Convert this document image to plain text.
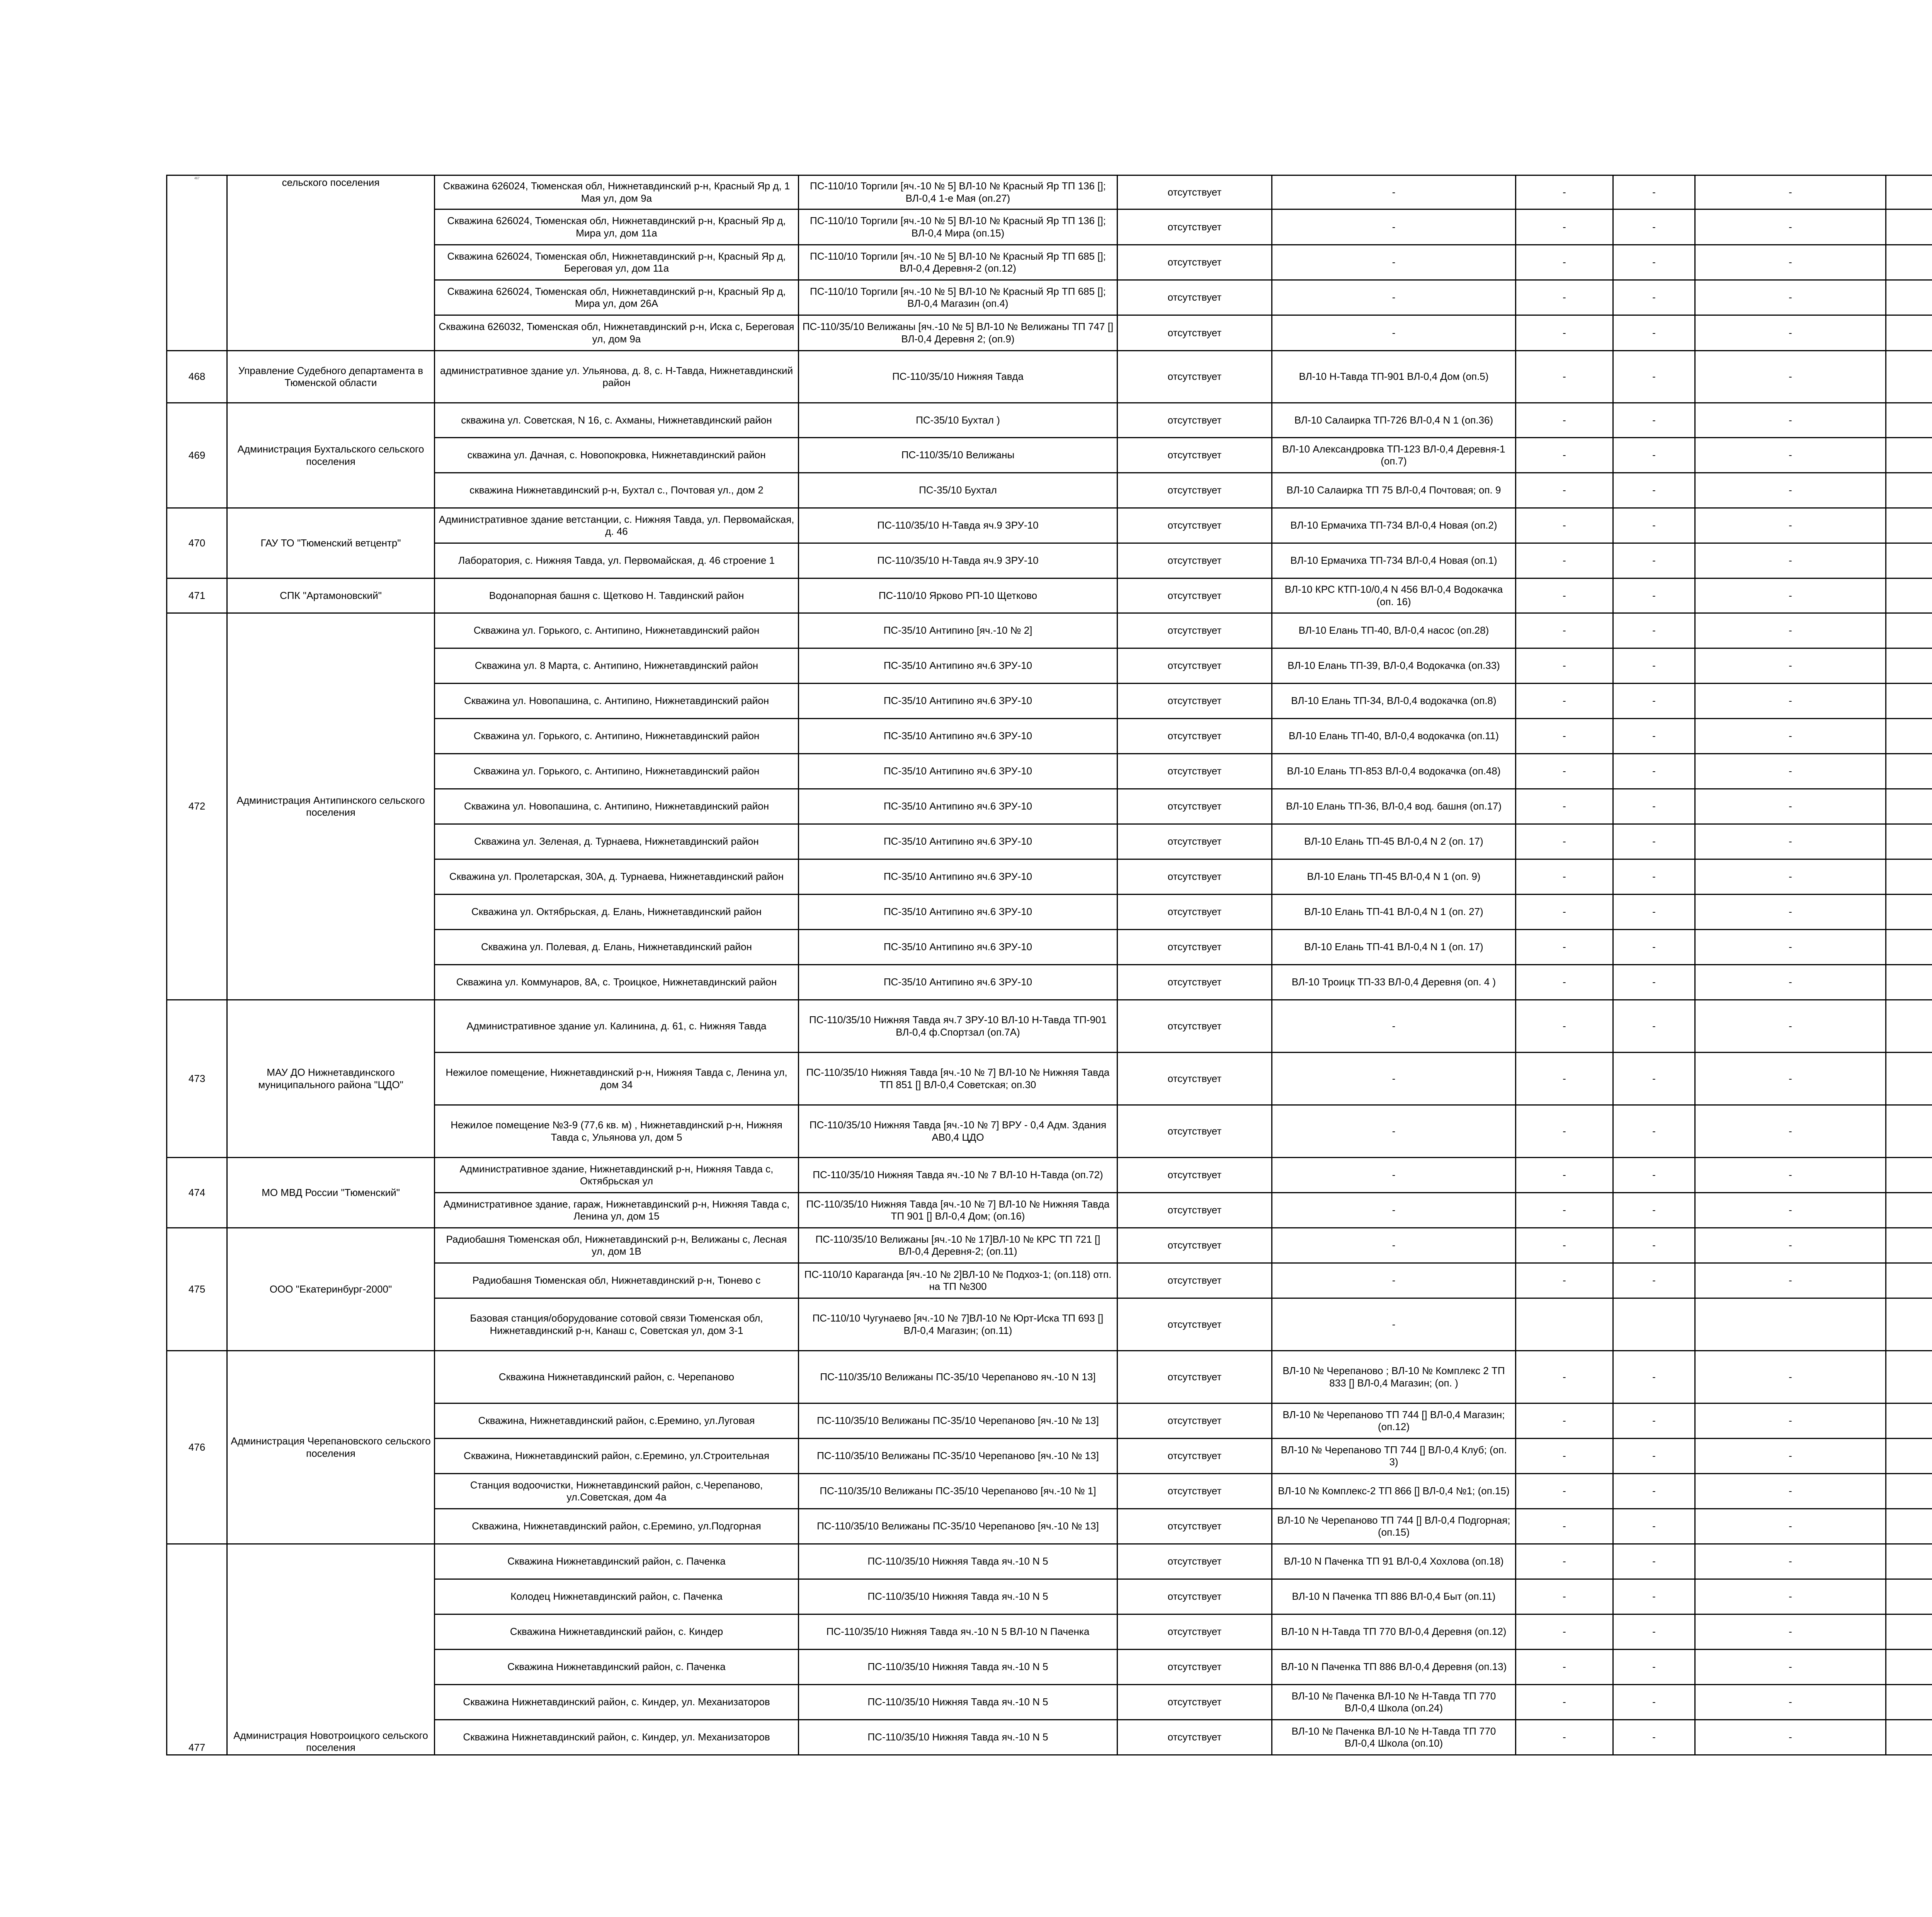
467	сельского поселения	Скважина 626024, Тюменская обл, Нижнетавдинский р-н, Красный Яр д, 1 Мая ул, дом 9а	ПС-110/10 Торгили [яч.-10 № 5] ВЛ-10 № Красный Яр ТП 136 []; ВЛ-0,4 1-е Мая (оп.27)	отсутствует	-	-	-	-		
		Скважина 626024, Тюменская обл, Нижнетавдинский р-н, Красный Яр д, Мира ул, дом 11а	ПС-110/10 Торгили [яч.-10 № 5] ВЛ-10 № Красный Яр ТП 136 []; ВЛ-0,4 Мира (оп.15)	отсутствует	-	-	-	-		
		Скважина 626024, Тюменская обл, Нижнетавдинский р-н, Красный Яр д, Береговая ул, дом 11а	ПС-110/10 Торгили [яч.-10 № 5] ВЛ-10 № Красный Яр ТП 685 []; ВЛ-0,4 Деревня-2 (оп.12)	отсутствует	-	-	-	-		
		Скважина 626024, Тюменская обл, Нижнетавдинский р-н, Красный Яр д, Мира ул, дом 26А	ПС-110/10 Торгили [яч.-10 № 5] ВЛ-10 № Красный Яр ТП 685 []; ВЛ-0,4 Магазин (оп.4)	отсутствует	-	-	-	-		
		Скважина 626032, Тюменская обл, Нижнетавдинский р-н, Иска с, Береговая ул, дом 9а	ПС-110/35/10 Велижаны [яч.-10 № 5] ВЛ-10 № Велижаны ТП 747 [] ВЛ-0,4 Деревня 2; (оп.9)	отсутствует	-	-	-	-		
468	Управление Судебного департамента в Тюменской области	административное здание ул. Ульянова, д. 8, с. Н-Тавда, Нижнетавдинский район	ПС-110/35/10 Нижняя Тавда	отсутствует	ВЛ-10 Н-Тавда ТП-901 ВЛ-0,4 Дом (оп.5)	-	-	-		
469	Администрация Бухтальского сельского поселения	скважина ул. Советская, N 16, с. Ахманы, Нижнетавдинский район	ПС-35/10 Бухтал )	отсутствует	ВЛ-10 Салаирка ТП-726 ВЛ-0,4 N 1 (оп.36)	-	-	-		
		скважина ул. Дачная, с. Новопокровка, Нижнетавдинский район	ПС-110/35/10 Велижаны	отсутствует	ВЛ-10 Александровка ТП-123 ВЛ-0,4 Деревня-1 (оп.7)	-	-	-		
		скважина Нижнетавдинский р-н, Бухтал с., Почтовая ул., дом 2	ПС-35/10 Бухтал	отсутствует	ВЛ-10 Салаирка ТП 75 ВЛ-0,4 Почтовая; оп. 9	-	-	-		
470	ГАУ ТО "Тюменский ветцентр"	Административное здание ветстанции, с. Нижняя Тавда, ул. Первомайская, д. 46	ПС-110/35/10 Н-Тавда яч.9 ЗРУ-10	отсутствует	ВЛ-10 Ермачиха ТП-734 ВЛ-0,4 Новая (оп.2)	-	-	-		
		Лаборатория, с. Нижняя Тавда, ул. Первомайская, д. 46 строение 1	ПС-110/35/10 Н-Тавда яч.9 ЗРУ-10	отсутствует	ВЛ-10 Ермачиха ТП-734 ВЛ-0,4 Новая (оп.1)	-	-	-		
471	СПК "Артамоновский"	Водонапорная башня с. Щетково Н. Тавдинский район	ПС-110/10 Ярково РП-10 Щетково	отсутствует	ВЛ-10 КРС КТП-10/0,4 N 456 ВЛ-0,4 Водокачка (оп. 16)	-	-	-		
472	Администрация Антипинского сельского поселения	Скважина ул. Горького, с. Антипино, Нижнетавдинский район	ПС-35/10 Антипино [яч.-10 № 2]	отсутствует	ВЛ-10 Елань ТП-40, ВЛ-0,4 насос (оп.28)	-	-	-		
		Скважина ул. 8 Марта, с. Антипино, Нижнетавдинский район	ПС-35/10 Антипино яч.6 ЗРУ-10	отсутствует	ВЛ-10 Елань ТП-39, ВЛ-0,4 Водокачка (оп.33)	-	-	-		
		Скважина ул. Новопашина, с. Антипино, Нижнетавдинский район	ПС-35/10 Антипино яч.6 ЗРУ-10	отсутствует	ВЛ-10 Елань ТП-34, ВЛ-0,4 водокачка (оп.8)	-	-	-		
		Скважина ул. Горького, с. Антипино, Нижнетавдинский район	ПС-35/10 Антипино яч.6 ЗРУ-10	отсутствует	ВЛ-10 Елань ТП-40, ВЛ-0,4 водокачка (оп.11)	-	-	-		
		Скважина ул. Горького, с. Антипино, Нижнетавдинский район	ПС-35/10 Антипино яч.6 ЗРУ-10	отсутствует	ВЛ-10 Елань ТП-853 ВЛ-0,4 водокачка (оп.48)	-	-	-		
		Скважина ул. Новопашина, с. Антипино, Нижнетавдинский район	ПС-35/10 Антипино яч.6 ЗРУ-10	отсутствует	ВЛ-10 Елань ТП-36, ВЛ-0,4 вод. башня (оп.17)	-	-	-		
		Скважина ул. Зеленая, д. Турнаева, Нижнетавдинский район	ПС-35/10 Антипино яч.6 ЗРУ-10	отсутствует	ВЛ-10 Елань ТП-45 ВЛ-0,4 N 2 (оп. 17)	-	-	-		
		Скважина ул. Пролетарская, 30А, д. Турнаева, Нижнетавдинский район	ПС-35/10 Антипино яч.6 ЗРУ-10	отсутствует	ВЛ-10 Елань ТП-45 ВЛ-0,4 N 1 (оп. 9)	-	-	-		
		Скважина ул. Октябрьская, д. Елань, Нижнетавдинский район	ПС-35/10 Антипино яч.6 ЗРУ-10	отсутствует	ВЛ-10 Елань ТП-41 ВЛ-0,4 N 1 (оп. 27)	-	-	-		
		Скважина ул. Полевая, д. Елань, Нижнетавдинский район	ПС-35/10 Антипино яч.6 ЗРУ-10	отсутствует	ВЛ-10 Елань ТП-41 ВЛ-0,4 N 1 (оп. 17)	-	-	-		
		Скважина ул. Коммунаров, 8А, с. Троицкое, Нижнетавдинский район	ПС-35/10 Антипино яч.6 ЗРУ-10	отсутствует	ВЛ-10 Троицк ТП-33 ВЛ-0,4 Деревня (оп. 4 )	-	-	-		
473	МАУ ДО Нижнетавдинского муниципального района "ЦДО"	Административное здание ул. Калинина, д. 61, с. Нижняя Тавда	ПС-110/35/10 Нижняя Тавда яч.7 ЗРУ-10 ВЛ-10 Н-Тавда ТП-901 ВЛ-0,4 ф.Спортзал (оп.7А)	отсутствует	-	-	-	-		
		Нежилое помещение, Нижнетавдинский р-н, Нижняя Тавда с, Ленина ул, дом 34	ПС-110/35/10 Нижняя Тавда [яч.-10 № 7] ВЛ-10 № Нижняя Тавда ТП 851 [] ВЛ-0,4 Советская; оп.30	отсутствует	-	-	-	-		
		Нежилое помещение №3-9 (77,6 кв. м) , Нижнетавдинский р-н, Нижняя Тавда с, Ульянова ул, дом 5	ПС-110/35/10 Нижняя Тавда [яч.-10 № 7] ВРУ - 0,4 Адм. Здания АВ0,4 ЦДО	отсутствует	-	-	-	-		
474	МО МВД России "Тюменский"	Административное здание, Нижнетавдинский р-н, Нижняя Тавда с, Октябрьская ул	ПС-110/35/10 Нижняя Тавда яч.-10 № 7 ВЛ-10 Н-Тавда (оп.72)	отсутствует	-	-	-	-		
		Административное здание, гараж, Нижнетавдинский р-н, Нижняя Тавда с, Ленина ул, дом 15	ПС-110/35/10 Нижняя Тавда [яч.-10 № 7] ВЛ-10 № Нижняя Тавда ТП 901 [] ВЛ-0,4 Дом; (оп.16)	отсутствует	-	-	-	-		
475	ООО "Екатеринбург-2000"	Радиобашня Тюменская обл, Нижнетавдинский р-н, Велижаны с, Лесная ул, дом 1В	ПС-110/35/10 Велижаны [яч.-10 № 17]ВЛ-10 № КРС ТП 721 [] ВЛ-0,4 Деревня-2; (оп.11)	отсутствует	-	-	-	-		
		Радиобашня Тюменская обл, Нижнетавдинский р-н, Тюнево с	ПС-110/10 Караганда [яч.-10 № 2]ВЛ-10 № Подхоз-1; (оп.118) отп. на ТП №300	отсутствует	-	-	-	-		
		Базовая станция/оборудование сотовой связи Тюменская обл, Нижнетавдинский р-н, Канаш с, Советская ул, дом 3-1	ПС-110/10 Чугунаево [яч.-10 № 7]ВЛ-10 № Юрт-Иска ТП 693 [] ВЛ-0,4 Магазин; (оп.11)	отсутствует	-					
476	Администрация Черепановского сельского поселения	Скважина Нижнетавдинский район, с. Черепаново	ПС-110/35/10 Велижаны ПС-35/10 Черепаново яч.-10 N 13]	отсутствует	ВЛ-10 № Черепаново ; ВЛ-10 № Комплекс 2 ТП 833 [] ВЛ-0,4 Магазин; (оп. )	-	-	-		
		Скважина, Нижнетавдинский район, с.Еремино, ул.Луговая	ПС-110/35/10 Велижаны ПС-35/10 Черепаново [яч.-10 № 13]	отсутствует	ВЛ-10 № Черепаново ТП 744 [] ВЛ-0,4 Магазин; (оп.12)	-	-	-		
		Скважина, Нижнетавдинский район, с.Еремино, ул.Строительная	ПС-110/35/10 Велижаны ПС-35/10 Черепаново [яч.-10 № 13]	отсутствует	ВЛ-10 № Черепаново ТП 744 [] ВЛ-0,4 Клуб; (оп. 3)	-	-	-		
		Станция водоочистки, Нижнетавдинский район, с.Черепаново, ул.Советская, дом 4а	ПС-110/35/10 Велижаны ПС-35/10 Черепаново [яч.-10 № 1]	отсутствует	ВЛ-10 № Комплекс-2 ТП 866 [] ВЛ-0,4 №1; (оп.15)	-	-	-		
		Скважина, Нижнетавдинский район, с.Еремино, ул.Подгорная	ПС-110/35/10 Велижаны ПС-35/10 Черепаново [яч.-10 № 13]	отсутствует	ВЛ-10 № Черепаново ТП 744 [] ВЛ-0,4 Подгорная; (оп.15)	-	-	-		
477	Администрация Новотроицкого сельского поселения	Скважина Нижнетавдинский район, с. Паченка	ПС-110/35/10 Нижняя Тавда яч.-10 N 5	отсутствует	ВЛ-10 N Паченка ТП 91 ВЛ-0,4 Хохлова (оп.18)	-	-	-		
		Колодец Нижнетавдинский район, с. Паченка	ПС-110/35/10 Нижняя Тавда яч.-10 N 5	отсутствует	ВЛ-10 N Паченка ТП 886 ВЛ-0,4 Быт (оп.11)	-	-	-		
		Скважина Нижнетавдинский район, с. Киндер	ПС-110/35/10 Нижняя Тавда яч.-10 N 5 ВЛ-10 N Паченка	отсутствует	ВЛ-10 N Н-Тавда ТП 770 ВЛ-0,4 Деревня (оп.12)	-	-	-		
		Скважина Нижнетавдинский район, с. Паченка	ПС-110/35/10 Нижняя Тавда яч.-10 N 5	отсутствует	ВЛ-10 N Паченка ТП 886 ВЛ-0,4 Деревня (оп.13)	-	-	-		
		Скважина Нижнетавдинский район, с. Киндер, ул. Механизаторов	ПС-110/35/10 Нижняя Тавда яч.-10 N 5	отсутствует	ВЛ-10 № Паченка ВЛ-10 № Н-Тавда ТП 770 ВЛ-0,4 Школа (оп.24)	-	-	-		
		Скважина Нижнетавдинский район, с. Киндер, ул. Механизаторов	ПС-110/35/10 Нижняя Тавда яч.-10 N 5	отсутствует	ВЛ-10 № Паченка ВЛ-10 № Н-Тавда ТП 770 ВЛ-0,4 Школа (оп.10)	-	-	-		
